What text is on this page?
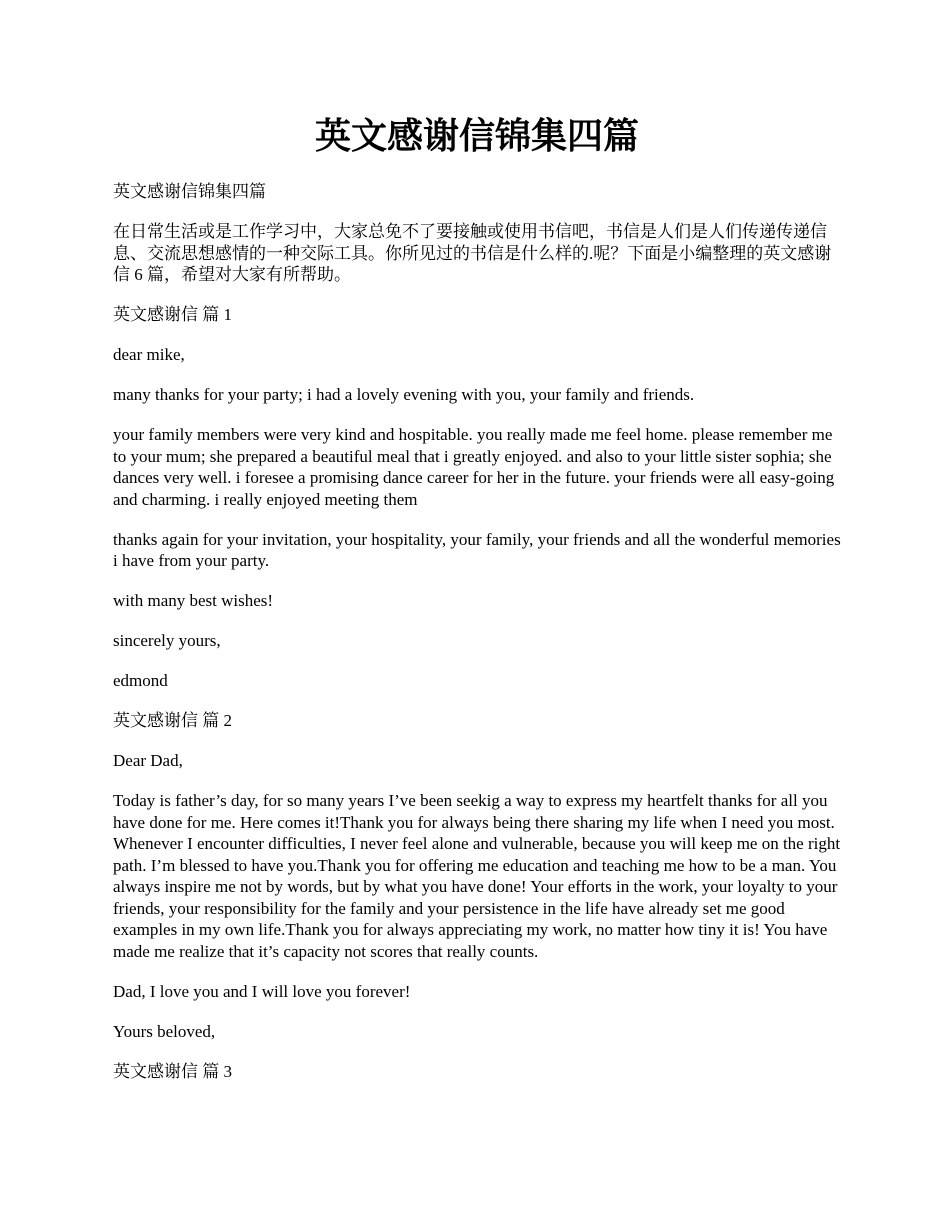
英文感谢信锦集四篇

英文感谢信锦集四篇

在日常生活或是工作学习中，大家总免不了要接触或使用书信吧，书信是人们是人们传递传递信息、交流思想感情的一种交际工具。你所见过的书信是什么样的.呢？下面是小编整理的英文感谢信 6 篇，希望对大家有所帮助。

英文感谢信 篇 1

dear mike,

many thanks for your party; i had a lovely evening with you, your family and friends.

your family members were very kind and hospitable. you really made me feel home. please remember me to your mum; she prepared a beautiful meal that i greatly enjoyed. and also to your little sister sophia; she dances very well. i foresee a promising dance career for her in the future. your friends were all easy-going and charming. i really enjoyed meeting them

thanks again for your invitation, your hospitality, your family, your friends and all the wonderful memories i have from your party.

with many best wishes!

sincerely yours,

edmond

英文感谢信 篇 2

Dear Dad,

Today is father’s day, for so many years I’ve been seekig a way to express my heartfelt thanks for all you have done for me. Here comes it!Thank you for always being there sharing my life when I need you most. Whenever I encounter difficulties, I never feel alone and vulnerable, because you will keep me on the right path. I’m blessed to have you.Thank you for offering me education and teaching me how to be a man. You always inspire me not by words, but by what you have done! Your efforts in the work, your loyalty to your friends, your responsibility for the family and your persistence in the life have already set me good examples in my own life.Thank you for always appreciating my work, no matter how tiny it is! You have made me realize that it’s capacity not scores that really counts.

Dad, I love you and I will love you forever!

Yours beloved,

英文感谢信 篇 3
